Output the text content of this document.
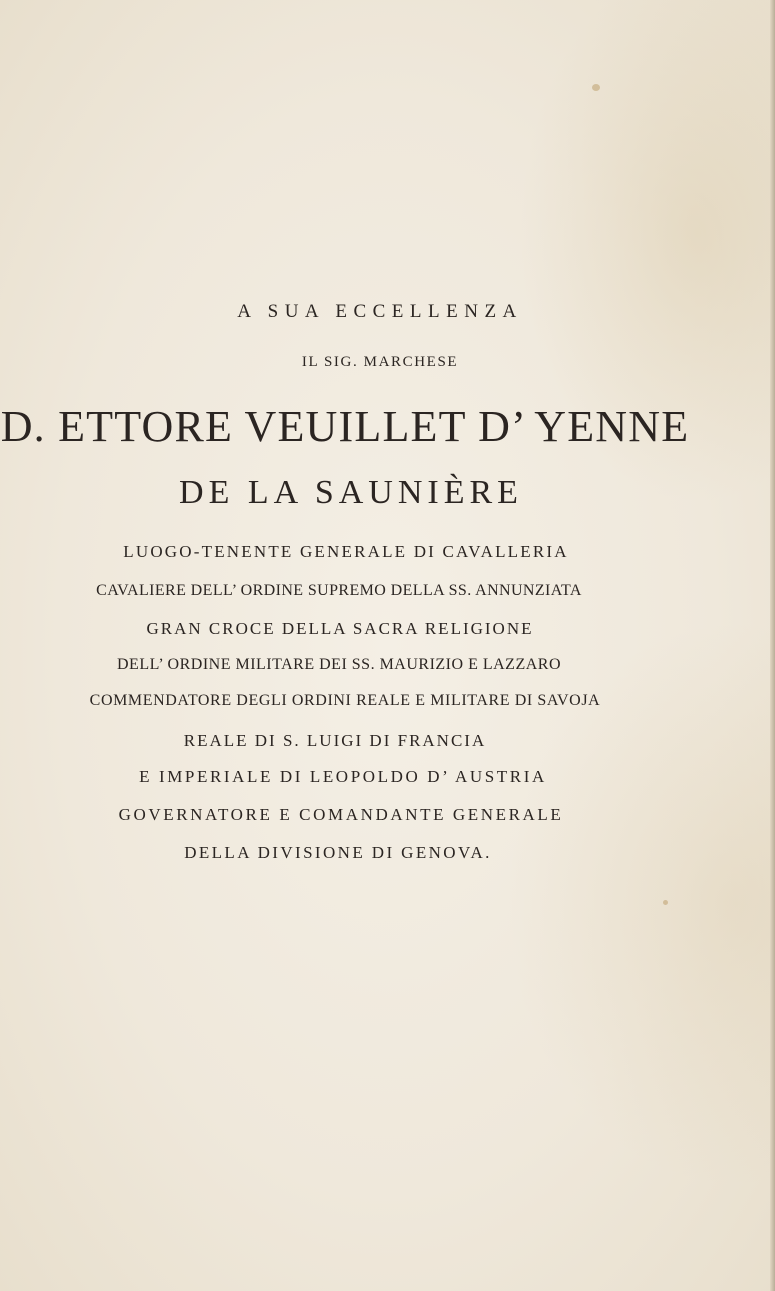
A SUA ECCELLENZA
IL SIG. MARCHESE
D. ETTORE VEUILLET D’ YENNE
DE LA SAUNIÈRE
LUOGO-TENENTE GENERALE DI CAVALLERIA
CAVALIERE DELL’ ORDINE SUPREMO DELLA SS. ANNUNZIATA
GRAN CROCE DELLA SACRA RELIGIONE
DELL’ ORDINE MILITARE DEI SS. MAURIZIO E LAZZARO
COMMENDATORE DEGLI ORDINI REALE E MILITARE DI SAVOJA
REALE DI S. LUIGI DI FRANCIA
E IMPERIALE DI LEOPOLDO D’ AUSTRIA
GOVERNATORE E COMANDANTE GENERALE
DELLA DIVISIONE DI GENOVA.
